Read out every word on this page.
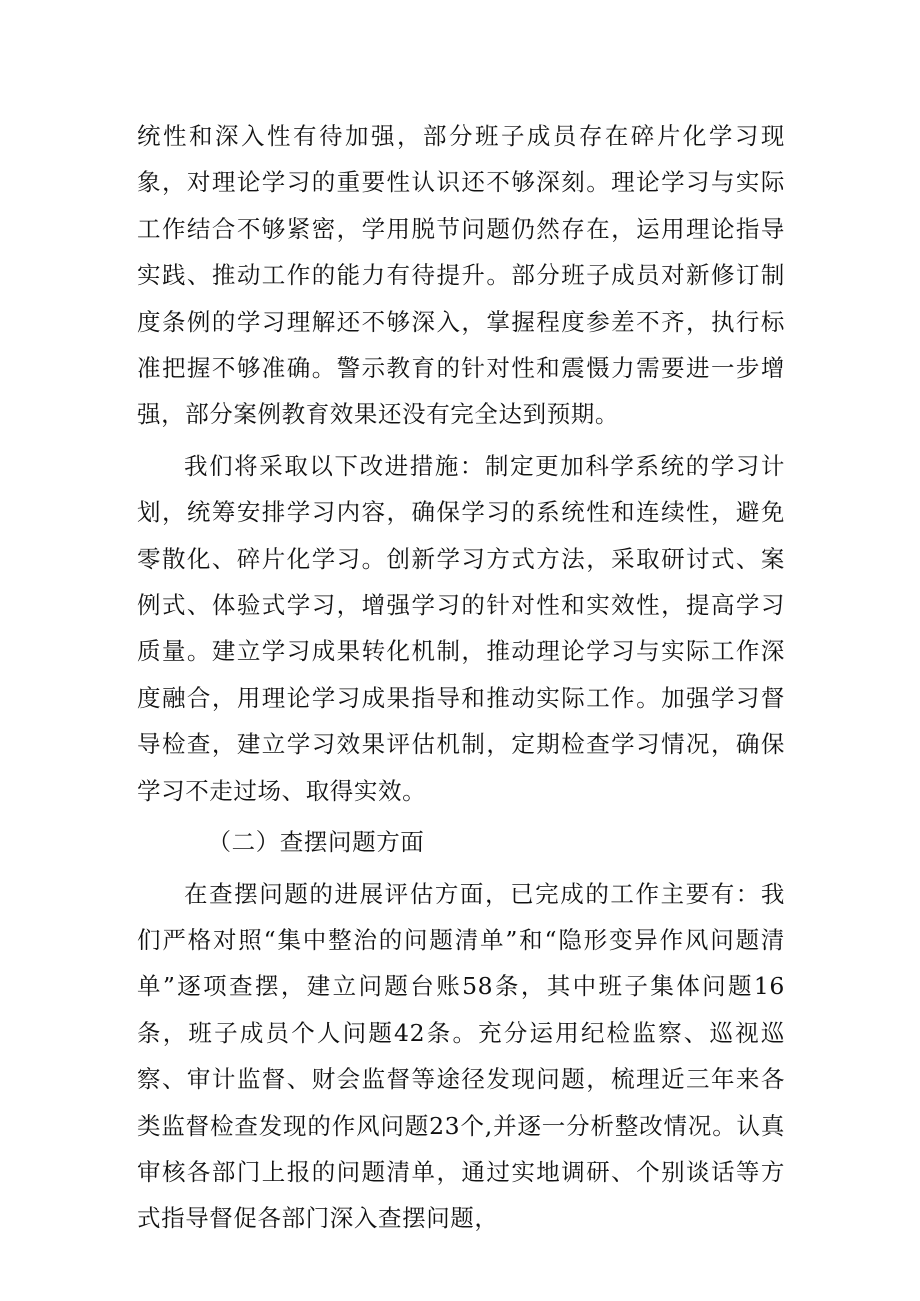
统性和深入性有待加强，部分班子成员存在碎片化学习现象，对理论学习的重要性认识还不够深刻。理论学习与实际工作结合不够紧密，学用脱节问题仍然存在，运用理论指导实践、推动工作的能力有待提升。部分班子成员对新修订制度条例的学习理解还不够深入，掌握程度参差不齐，执行标准把握不够准确。警示教育的针对性和震慑力需要进一步增强，部分案例教育效果还没有完全达到预期。

我们将采取以下改进措施：制定更加科学系统的学习计划，统筹安排学习内容，确保学习的系统性和连续性，避免零散化、碎片化学习。创新学习方式方法，采取研讨式、案例式、体验式学习，增强学习的针对性和实效性，提高学习质量。建立学习成果转化机制，推动理论学习与实际工作深度融合，用理论学习成果指导和推动实际工作。加强学习督导检查，建立学习效果评估机制，定期检查学习情况，确保学习不走过场、取得实效。

（二）查摆问题方面

在查摆问题的进展评估方面，已完成的工作主要有：我们严格对照“集中整治的问题清单”和“隐形变异作风问题清单”逐项查摆，建立问题台账58条，其中班子集体问题16条，班子成员个人问题42条。充分运用纪检监察、巡视巡察、审计监督、财会监督等途径发现问题，梳理近三年来各类监督检查发现的作风问题23个,并逐一分析整改情况。认真审核各部门上报的问题清单，通过实地调研、个别谈话等方式指导督促各部门深入查摆问题，
